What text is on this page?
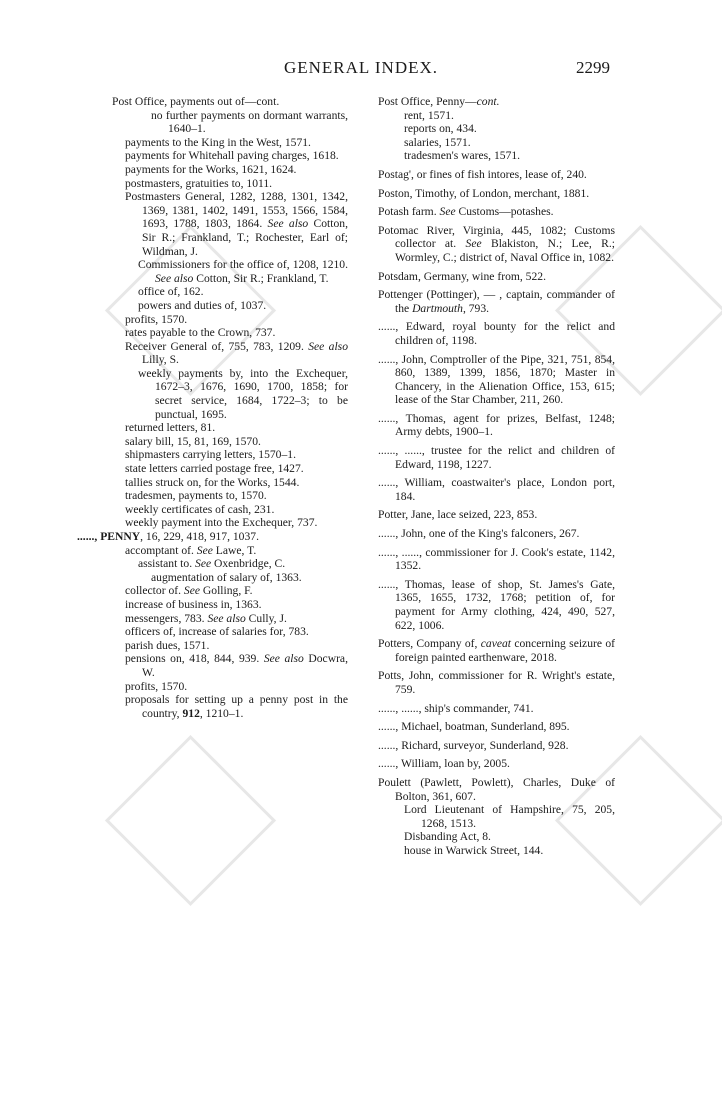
GENERAL INDEX.	2299
Post Office, payments out of—cont.
no further payments on dormant warrants, 1640–1.
payments to the King in the West, 1571.
payments for Whitehall paving charges, 1618.
payments for the Works, 1621, 1624.
postmasters, gratuities to, 1011.
Postmasters General, 1282, 1288, 1301, 1342, 1369, 1381, 1402, 1491, 1553, 1566, 1584, 1693, 1788, 1803, 1864. See also Cotton, Sir R.; Frankland, T.; Rochester, Earl of; Wildman, J.
Commissioners for the office of, 1208, 1210. See also Cotton, Sir R.; Frankland, T.
office of, 162.
powers and duties of, 1037.
profits, 1570.
rates payable to the Crown, 737.
Receiver General of, 755, 783, 1209. See also Lilly, S.
weekly payments by, into the Exchequer, 1672–3, 1676, 1690, 1700, 1858; for secret service, 1684, 1722–3; to be punctual, 1695.
returned letters, 81.
salary bill, 15, 81, 169, 1570.
shipmasters carrying letters, 1570–1.
state letters carried postage free, 1427.
tallies struck on, for the Works, 1544.
tradesmen, payments to, 1570.
weekly certificates of cash, 231.
weekly payment into the Exchequer, 737.
......, PENNY, 16, 229, 418, 917, 1037.
accomptant of. See Lawe, T.
assistant to. See Oxenbridge, C.
augmentation of salary of, 1363.
collector of. See Golling, F.
increase of business in, 1363.
messengers, 783. See also Cully, J.
officers of, increase of salaries for, 783.
parish dues, 1571.
pensions on, 418, 844, 939. See also Docwra, W.
profits, 1570.
proposals for setting up a penny post in the country, 912, 1210–1.
Post Office, Penny—cont.
rent, 1571.
reports on, 434.
salaries, 1571.
tradesmen's wares, 1571.
Postag', or fines of fish intores, lease of, 240.
Poston, Timothy, of London, merchant, 1881.
Potash farm. See Customs—potashes.
Potomac River, Virginia, 445, 1082; Customs collector at. See Blakiston, N.; Lee, R.; Wormley, C.; district of, Naval Office in, 1082.
Potsdam, Germany, wine from, 522.
Pottenger (Pottinger), — , captain, commander of the Dartmouth, 793.
......, Edward, royal bounty for the relict and children of, 1198.
......, John, Comptroller of the Pipe, 321, 751, 854, 860, 1389, 1399, 1856, 1870; Master in Chancery, in the Alienation Office, 153, 615; lease of the Star Chamber, 211, 260.
......, Thomas, agent for prizes, Belfast, 1248; Army debts, 1900–1.
......, ......, trustee for the relict and children of Edward, 1198, 1227.
......, William, coastwaiter's place, London port, 184.
Potter, Jane, lace seized, 223, 853.
......, John, one of the King's falconers, 267.
......, ......, commissioner for J. Cook's estate, 1142, 1352.
......, Thomas, lease of shop, St. James's Gate, 1365, 1655, 1732, 1768; petition of, for payment for Army clothing, 424, 490, 527, 622, 1006.
Potters, Company of, caveat concerning seizure of foreign painted earthenware, 2018.
Potts, John, commissioner for R. Wright's estate, 759.
......, ......, ship's commander, 741.
......, Michael, boatman, Sunderland, 895.
......, Richard, surveyor, Sunderland, 928.
......, William, loan by, 2005.
Poulett (Pawlett, Powlett), Charles, Duke of Bolton, 361, 607.
Lord Lieutenant of Hampshire, 75, 205, 1268, 1513.
Disbanding Act, 8.
house in Warwick Street, 144.
